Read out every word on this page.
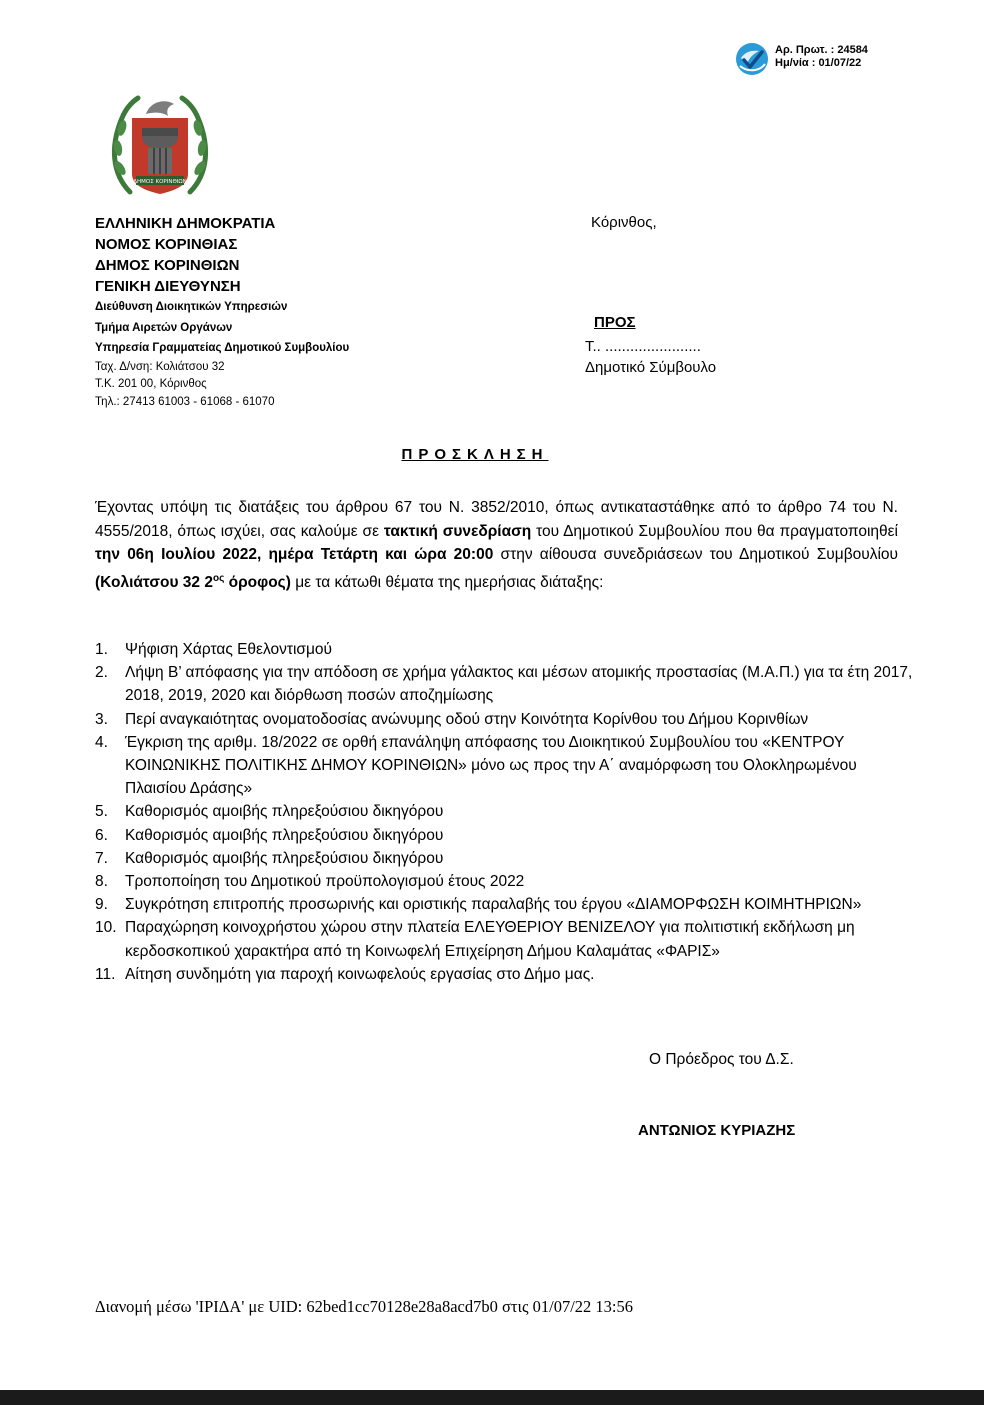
Αρ. Πρωτ. : 24584
Ημ/νία : 01/07/22
ΔΗΜΟΣ ΚΟΡΙΝΘΙΩΝ
ΕΛΛΗΝΙΚΗ ΔΗΜΟΚΡΑΤΙΑ
ΝΟΜΟΣ ΚΟΡΙΝΘΙΑΣ
ΔΗΜΟΣ ΚΟΡΙΝΘΙΩΝ
ΓΕΝΙΚΗ ΔΙΕΥΘΥΝΣΗ
Διεύθυνση Διοικητικών Υπηρεσιών
Τμήμα Αιρετών Οργάνων
Υπηρεσία Γραμματείας Δημοτικού Συμβουλίου
Ταχ. Δ/νση: Κολιάτσου 32
Τ.Κ. 201 00, Κόρινθος
Τηλ.: 27413 61003 - 61068 - 61070
Κόρινθος,
ΠΡΟΣ
Τ.. .......................
Δημοτικό Σύμβουλο
ΠΡΟΣΚΛΗΣΗ

Έχοντας υπόψη τις διατάξεις του άρθρου 67 του Ν. 3852/2010, όπως αντικαταστάθηκε από το άρθρο 74 του Ν. 4555/2018, όπως ισχύει, σας καλούμε σε τακτική συνεδρίαση του Δημοτικού Συμβουλίου που θα πραγματοποιηθεί την 06η Ιουλίου 2022, ημέρα Τετάρτη και ώρα 20:00 στην αίθουσα συνεδριάσεων του Δημοτικού Συμβουλίου (Κολιάτσου 32 $2^{o\varsigma}$ όροφος) με τα κάτωθι θέματα της ημερήσιας διάταξης:

1. Ψήφιση Χάρτας Εθελοντισμού
2. Λήψη Β’ απόφασης για την απόδοση σε χρήμα γάλακτος και μέσων ατομικής προστασίας (Μ.Α.Π.) για τα έτη 2017, 2018, 2019, 2020 και διόρθωση ποσών αποζημίωσης
3. Περί αναγκαιότητας ονοματοδοσίας ανώνυμης οδού στην Κοινότητα Κορίνθου του Δήμου Κορινθίων
4. Έγκριση της αριθμ. 18/2022 σε ορθή επανάληψη απόφασης του Διοικητικού Συμβουλίου του «ΚΕΝΤΡΟΥ ΚΟΙΝΩΝΙΚΗΣ ΠΟΛΙΤΙΚΗΣ ΔΗΜΟΥ ΚΟΡΙΝΘΙΩΝ» μόνο ως προς την Α΄ αναμόρφωση του Ολοκληρωμένου Πλαισίου Δράσης»
5. Καθορισμός αμοιβής πληρεξούσιου δικηγόρου
6. Καθορισμός αμοιβής πληρεξούσιου δικηγόρου
7. Καθορισμός αμοιβής πληρεξούσιου δικηγόρου
8. Τροποποίηση του Δημοτικού προϋπολογισμού έτους 2022
9. Συγκρότηση επιτροπής προσωρινής και οριστικής παραλαβής του έργου «ΔΙΑΜΟΡΦΩΣΗ ΚΟΙΜΗΤΗΡΙΩΝ»
10. Παραχώρηση κοινοχρήστου χώρου στην πλατεία ΕΛΕΥΘΕΡΙΟΥ ΒΕΝΙΖΕΛΟΥ για πολιτιστική εκδήλωση μη κερδοσκοπικού χαρακτήρα από τη Κοινωφελή Επιχείρηση Δήμου Καλαμάτας «ΦΑΡΙΣ»
11. Αίτηση συνδημότη για παροχή κοινωφελούς εργασίας στο Δήμο μας.
Ο Πρόεδρος του Δ.Σ.
ΑΝΤΩΝΙΟΣ ΚΥΡΙΑΖΗΣ
Διανομή μέσω 'ΙΡΙΔΑ' με UID: 62bed1cc70128e28a8acd7b0 στις 01/07/22 13:56
